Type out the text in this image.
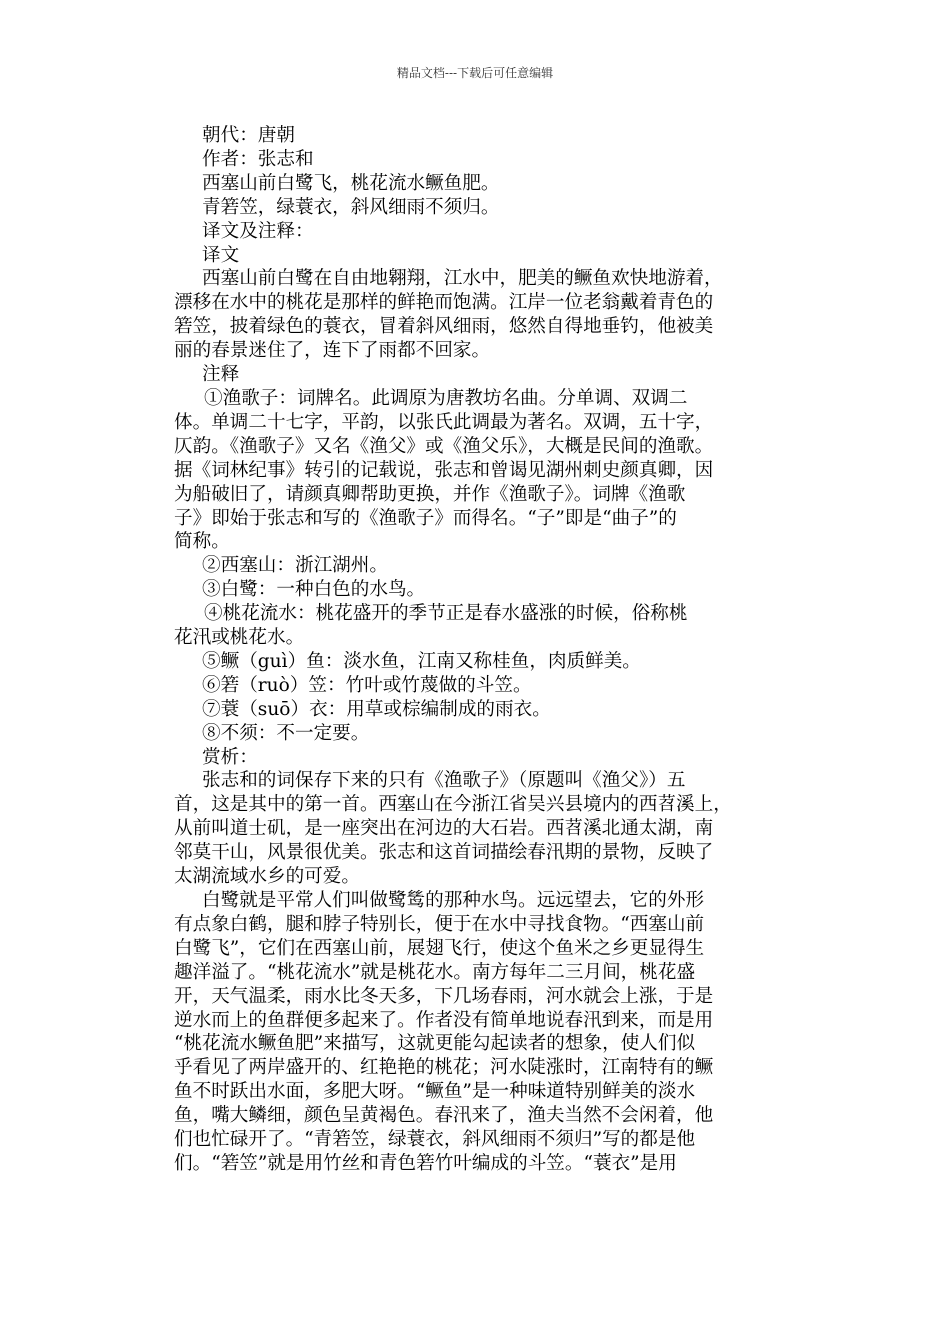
精品文档---下载后可任意编辑
朝代：唐朝
作者：张志和
西塞山前白鹭飞，桃花流水鳜鱼肥。
青箬笠，绿蓑衣，斜风细雨不须归。
译文及注释：
译文
西塞山前白鹭在自由地翱翔，江水中，肥美的鳜鱼欢快地游着，
漂移在水中的桃花是那样的鲜艳而饱满。江岸一位老翁戴着青色的
箬笠，披着绿色的蓑衣，冒着斜风细雨，悠然自得地垂钓，他被美
丽的春景迷住了，连下了雨都不回家。
注释
①渔歌子：词牌名。此调原为唐教坊名曲。分单调、双调二
体。单调二十七字，平韵，以张氏此调最为著名。双调，五十字，
仄韵。《渔歌子》又名《渔父》或《渔父乐》，大概是民间的渔歌。
据《词林纪事》转引的记载说，张志和曾谒见湖州刺史颜真卿，因
为船破旧了，请颜真卿帮助更换，并作《渔歌子》。词牌《渔歌
子》即始于张志和写的《渔歌子》而得名。“子”即是“曲子”的
简称。
②西塞山：浙江湖州。
③白鹭：一种白色的水鸟。
④桃花流水：桃花盛开的季节正是春水盛涨的时候，俗称桃
花汛或桃花水。
⑤鳜（guì）鱼：淡水鱼，江南又称桂鱼，肉质鲜美。
⑥箬（ruò）笠：竹叶或竹蔑做的斗笠。
⑦蓑（suō）衣：用草或棕编制成的雨衣。
⑧不须：不一定要。
赏析：
张志和的词保存下来的只有《渔歌子》（原题叫《渔父》）五
首，这是其中的第一首。西塞山在今浙江省吴兴县境内的西苕溪上，
从前叫道士矶，是一座突出在河边的大石岩。西苕溪北通太湖，南
邻莫干山，风景很优美。张志和这首词描绘春汛期的景物，反映了
太湖流域水乡的可爱。
白鹭就是平常人们叫做鹭鸶的那种水鸟。远远望去，它的外形
有点象白鹤，腿和脖子特别长，便于在水中寻找食物。“西塞山前
白鹭飞”，它们在西塞山前，展翅飞行，使这个鱼米之乡更显得生
趣洋溢了。“桃花流水”就是桃花水。南方每年二三月间，桃花盛
开，天气温柔，雨水比冬天多，下几场春雨，河水就会上涨，于是
逆水而上的鱼群便多起来了。作者没有简单地说春汛到来，而是用
“桃花流水鳜鱼肥”来描写，这就更能勾起读者的想象，使人们似
乎看见了两岸盛开的、红艳艳的桃花；河水陡涨时，江南特有的鳜
鱼不时跃出水面，多肥大呀。“鳜鱼”是一种味道特别鲜美的淡水
鱼，嘴大鳞细，颜色呈黄褐色。春汛来了，渔夫当然不会闲着，他
们也忙碌开了。“青箬笠，绿蓑衣，斜风细雨不须归”写的都是他
们。“箬笠”就是用竹丝和青色箬竹叶编成的斗笠。“蓑衣”是用
